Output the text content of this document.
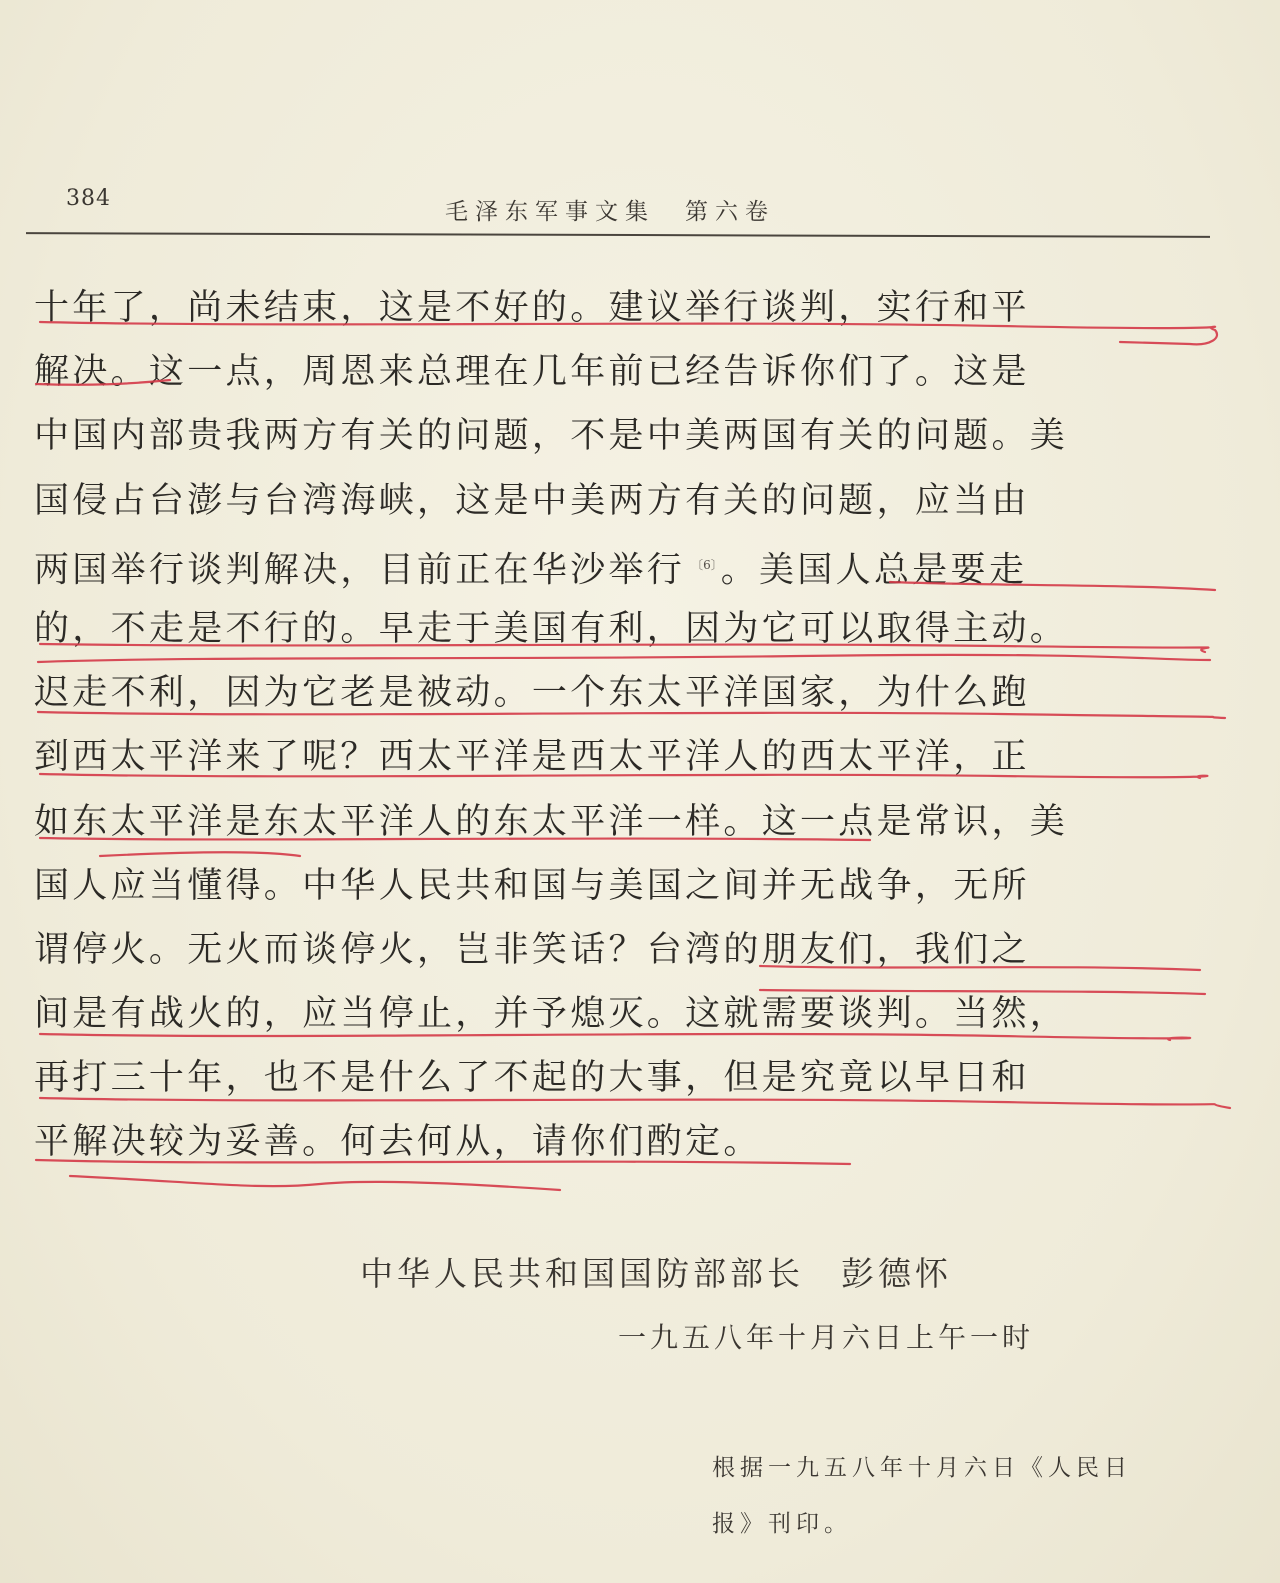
384
毛泽东军事文集　第六卷
十年了，尚未结束，这是不好的。建议举行谈判，实行和平
解决。这一点，周恩来总理在几年前已经告诉你们了。这是
中国内部贵我两方有关的问题，不是中美两国有关的问题。美
国侵占台澎与台湾海峡，这是中美两方有关的问题，应当由
两国举行谈判解决，目前正在华沙举行 $^{〔6〕}$ 。美国人总是要走
的，不走是不行的。早走于美国有利，因为它可以取得主动。
迟走不利，因为它老是被动。一个东太平洋国家，为什么跑
到西太平洋来了呢？西太平洋是西太平洋人的西太平洋，正
如东太平洋是东太平洋人的东太平洋一样。这一点是常识，美
国人应当懂得。中华人民共和国与美国之间并无战争，无所
谓停火。无火而谈停火，岂非笑话？台湾的朋友们，我们之
间是有战火的，应当停止，并予熄灭。这就需要谈判。当然，
再打三十年，也不是什么了不起的大事，但是究竟以早日和
平解决较为妥善。何去何从，请你们酌定。
中华人民共和国国防部部长　彭德怀
一九五八年十月六日上午一时
根据一九五八年十月六日《人民日
报》刊印。
